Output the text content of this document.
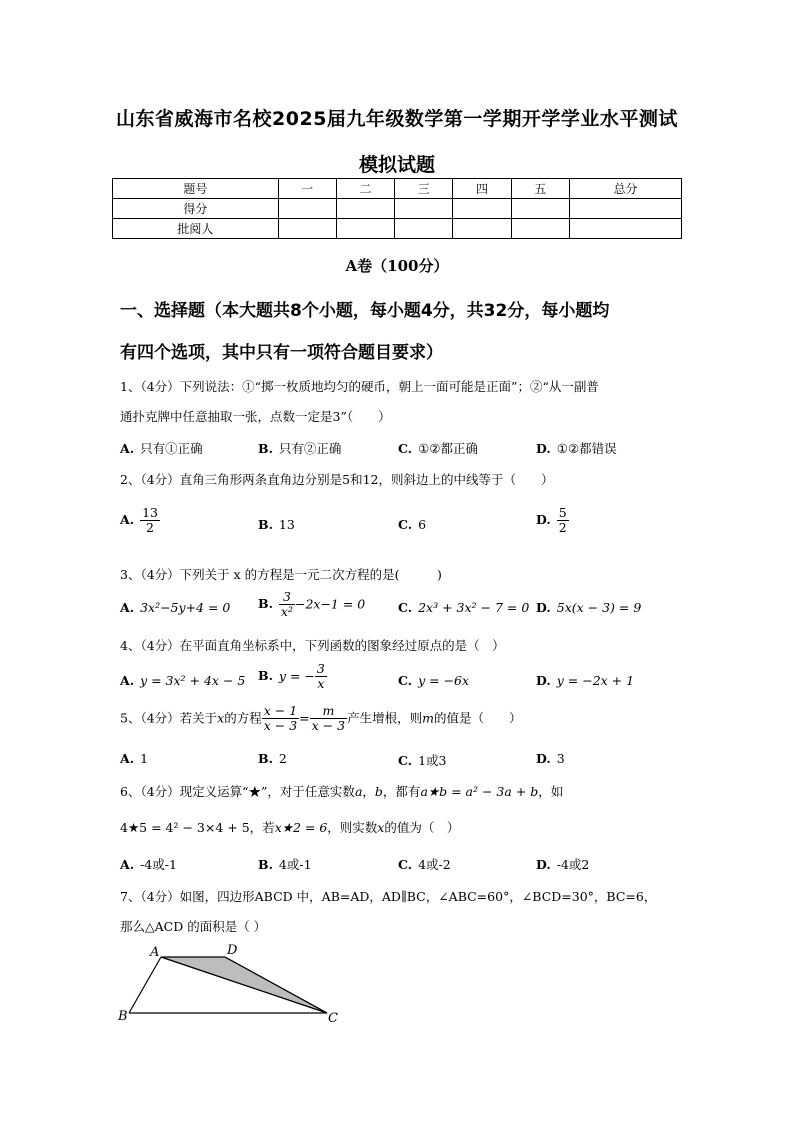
山东省威海市名校2025届九年级数学第一学期开学学业水平测试
模拟试题
题号	一	二	三	四	五	总分
得分						
批阅人						
A卷（100分）
一、选择题（本大题共8个小题，每小题4分，共32分，每小题均
有四个选项，其中只有一项符合题目要求）
1、（4分）下列说法：①“掷一枚质地均匀的硬币，朝上一面可能是正面”；②“从一副普
通扑克牌中任意抽取一张，点数一定是3”（　　）
A. 只有①正确	B. 只有②正确	C. ①②都正确	D. ①②都错误
2、（4分）直角三角形两条直角边分别是5和12，则斜边上的中线等于（　　）
A. $\frac{13}{2}$	B. 13	C. 6	D. $\frac{5}{2}$
3、（4分）下列关于 x 的方程是一元二次方程的是(　　　)
A. 3x²−5y+4 = 0 B. $\frac{3}{\text{x²}} -2x-1 = 0$	C. 2x³ + 3x² − 7 = 0 D. 5x(x − 3) = 9
4、（4分）在平面直角坐标系中，下列函数的图象经过原点的是（　）
A. y = 3x² + 4x − 5 B. y = − $\frac{3}{x}$	C. y = −6x	D. y = −2x + 1
5、（4分）若关于x的方程 $\frac{x - 1}{x - 3} = \frac{m}{x - 3}$ 产生增根，则m的值是（　　）
A. 1	B. 2	C. 1或3	D. 3
6、（4分）现定义运算“★”，对于任意实数a，b，都有a★b = a² − 3a + b，如
4★5 = 4² − 3×4 + 5，若x★2 = 6，则实数x的值为（　）
A. -4或-1	B. 4或-1	C. 4或-2	D. -4或2
7、（4分）如图，四边形ABCD 中，AB=AD，AD∥BC，∠ABC=60°，∠BCD=30°，BC=6，
那么△ACD 的面积是（ ）
A	D
B	C
